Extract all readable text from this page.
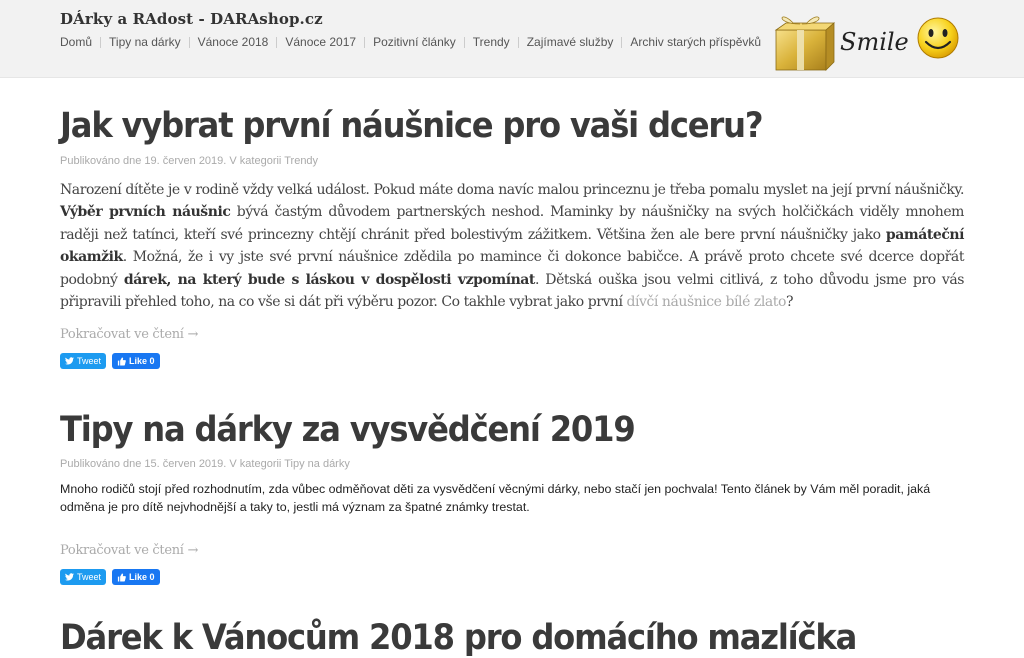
DÁrky a RAdost - DARAshop.cz
Domů Tipy na dárky Vánoce 2018 Vánoce 2017 Pozitivní články Trendy Zajímavé služby Archiv starých příspěvků	Smile
Jak vybrat první náušnice pro vaši dceru?
Publikováno dne 19. červen 2019. V kategorii Trendy

Narození dítěte je v rodině vždy velká událost. Pokud máte doma navíc malou princeznu je třeba pomalu myslet na její první náušničky. Výběr prvních náušnic bývá častým důvodem partnerských neshod. Maminky by náušničky na svých holčičkách viděly mnohem raději než tatínci, kteří své princezny chtějí chránit před bolestivým zážitkem. Většina žen ale bere první náušničky jako památeční okamžik. Možná, že i vy jste své první náušnice zdědila po mamince či dokonce babičce. A právě proto chcete své dcerce dopřát podobný dárek, na který bude s láskou v dospělosti vzpomínat. Dětská ouška jsou velmi citlivá, z toho důvodu jsme pro vás připravili přehled toho, na co vše si dát při výběru pozor. Co takhle vybrat jako první dívčí náušnice bílé zlato?

Pokračovat ve čtení →
Tweet	Like 0
Tipy na dárky za vysvědčení 2019
Publikováno dne 15. červen 2019. V kategorii Tipy na dárky

Mnoho rodičů stojí před rozhodnutím, zda vůbec odměňovat děti za vysvědčení věcnými dárky, nebo stačí jen pochvala! Tento článek by Vám měl poradit, jaká odměna je pro dítě nejvhodnější a taky to, jestli má význam za špatné známky trestat.

Pokračovat ve čtení →
Tweet	Like 0
Dárek k Vánocům 2018 pro domácího mazlíčka
